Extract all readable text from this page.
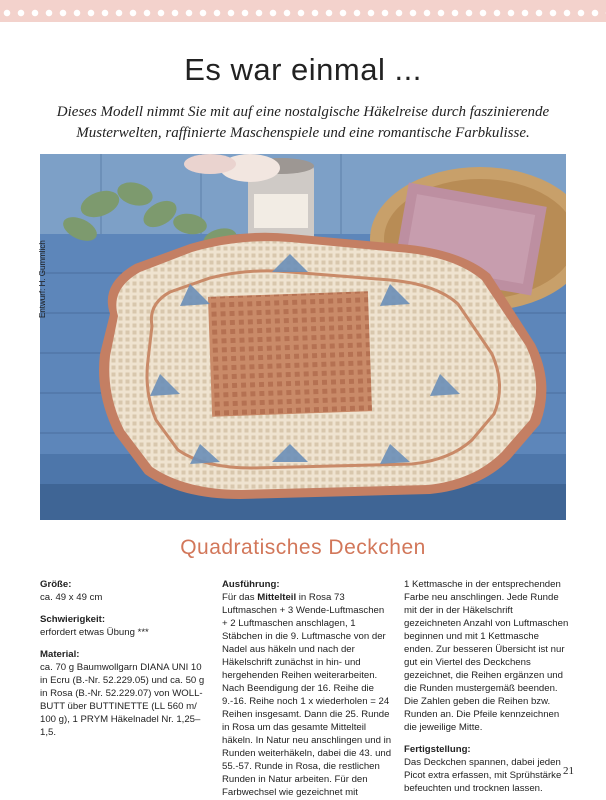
Es war einmal ...
Dieses Modell nimmt Sie mit auf eine nostalgische Häkelreise durch faszinierende Musterwelten, raffinierte Maschenspiele und eine romantische Farbkulisse.
Entwurf: H. Gummlich
Quadratisches Deckchen
Größe:
ca. 49 x 49 cm
Schwierigkeit:
erfordert etwas Übung ***
Material:
ca. 70 g Baumwollgarn DIANA UNI 10 in Ecru (B.-Nr. 52.229.05) und ca. 50 g in Rosa (B.-Nr. 52.229.07) von WOLL-BUTT über BUTTINETTE (LL 560 m/ 100 g), 1 PRYM Häkelnadel Nr. 1,25–1,5.
Ausführung:
Für das Mittelteil in Rosa 73 Luftmaschen + 3 Wende-Luftmaschen + 2 Luftmaschen anschlagen, 1 Stäbchen in die 9. Luftmasche von der Nadel aus häkeln und nach der Häkelschrift zunächst in hin- und hergehenden Reihen weiterarbeiten. Nach Beendigung der 16. Reihe die 9.-16. Reihe noch 1 x wiederholen = 24 Reihen insgesamt. Dann die 25. Runde in Rosa um das gesamte Mittelteil häkeln. In Natur neu anschlingen und in Runden weiterhäkeln, dabei die 43. und 55.-57. Runde in Rosa, die restlichen Runden in Natur arbeiten. Für den Farbwechsel wie gezeichnet mit

1 Kettmasche in der entsprechenden Farbe neu anschlingen. Jede Runde mit der in der Häkelschrift gezeichneten Anzahl von Luftmaschen beginnen und mit 1 Kettmasche enden. Zur besseren Übersicht ist nur gut ein Viertel des Deckchens gezeichnet, die Reihen ergänzen und die Runden mustergemäß beenden. Die Zahlen geben die Reihen bzw. Runden an. Die Pfeile kennzeichnen die jeweilige Mitte.

Fertigstellung:
Das Deckchen spannen, dabei jeden Picot extra erfassen, mit Sprühstärke befeuchten und trocknen lassen.
21
